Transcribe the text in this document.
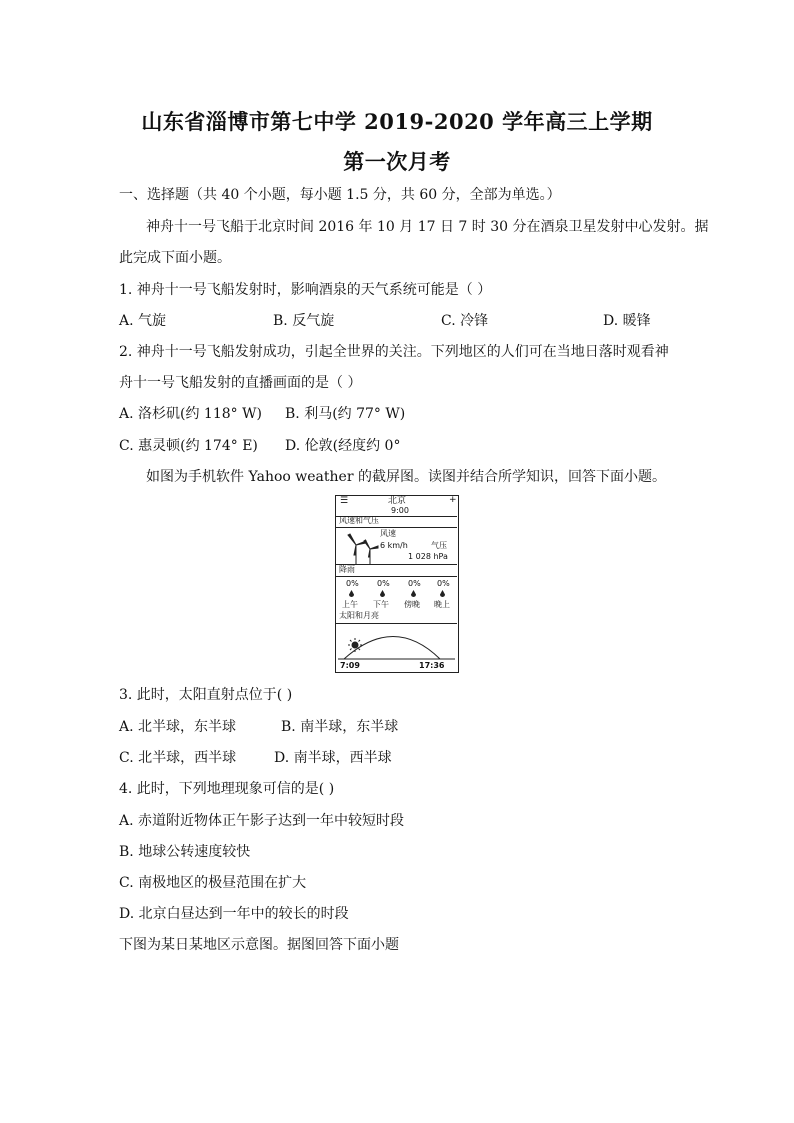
山东省淄博市第七中学 2019-2020 学年高三上学期
第一次月考
一、选择题（共 40 个小题，每小题 1.5 分，共 60 分，全部为单选。）
神舟十一号飞船于北京时间 2016 年 10 月 17 日 7 时 30 分在酒泉卫星发射中心发射。据
此完成下面小题。
1. 神舟十一号飞船发射时，影响酒泉的天气系统可能是（ ）
A. 气旋	B. 反气旋	C. 冷锋	D. 暖锋
2. 神舟十一号飞船发射成功，引起全世界的关注。下列地区的人们可在当地日落时观看神
舟十一号飞船发射的直播画面的是（ ）
A. 洛杉矶(约 118° W) B. 利马(约 77° W)
C. 惠灵顿(约 174° E) D. 伦敦(经度约 0°
如图为手机软件 Yahoo weather 的截屏图。读图并结合所学知识，回答下面小题。
☰	北京
9:00
+
风速和气压
风速
6 km/h	气压
1 028 hPa
降雨
0% 0% 0% 0%
上午 下午 傍晚 晚上
太阳和月亮
7:09	17:36
3. 此时，太阳直射点位于( )
A. 北半球，东半球	B. 南半球，东半球
C. 北半球，西半球	D. 南半球，西半球
4. 此时，下列地理现象可信的是( )
A. 赤道附近物体正午影子达到一年中较短时段
B. 地球公转速度较快
C. 南极地区的极昼范围在扩大
D. 北京白昼达到一年中的较长的时段
下图为某日某地区示意图。据图回答下面小题
